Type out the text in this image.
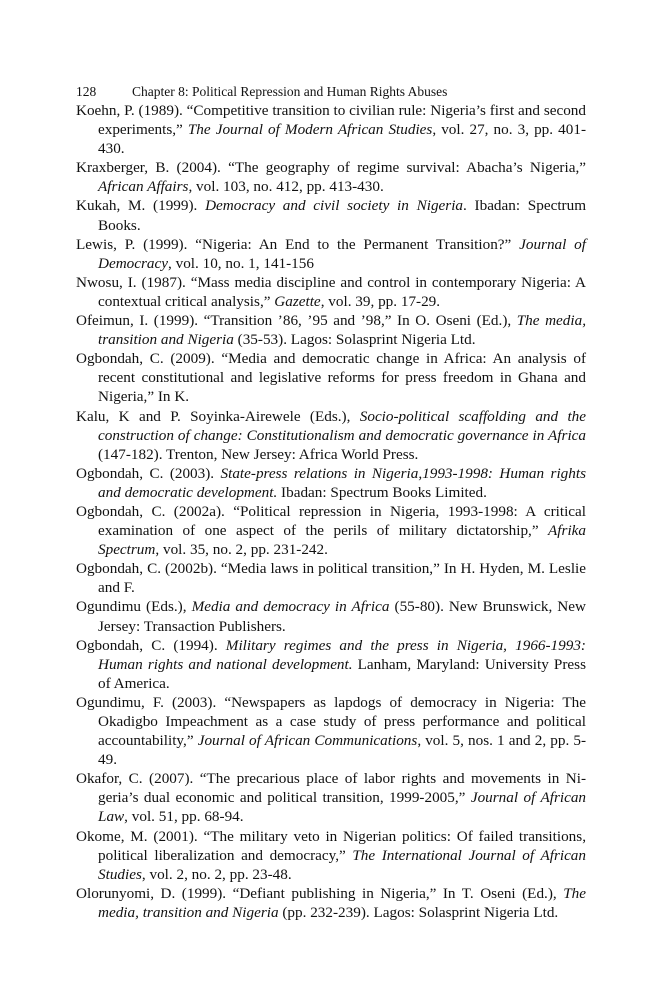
128	Chapter 8: Political Repression and Human Rights Abuses
Koehn, P. (1989). “Competitive transition to civilian rule: Nigeria’s first and second experiments,” The Journal of Modern African Studies, vol. 27, no. 3, pp. 401-430.
Kraxberger, B. (2004). “The geography of regime survival: Abacha’s Nigeria,” African Affairs, vol. 103, no. 412, pp. 413-430.
Kukah, M. (1999). Democracy and civil society in Nigeria. Ibadan: Spectrum Books.
Lewis, P. (1999). “Nigeria: An End to the Permanent Transition?” Journal of Democracy, vol. 10, no. 1, 141-156
Nwosu, I. (1987). “Mass media discipline and control in contemporary Nigeria: A contextual critical analysis,” Gazette, vol. 39, pp. 17-29.
Ofeimun, I. (1999). “Transition ’86, ’95 and ’98,” In O. Oseni (Ed.), The media, transition and Nigeria (35-53). Lagos: Solasprint Nigeria Ltd.
Ogbondah, C. (2009). “Media and democratic change in Africa: An analysis of recent constitutional and legislative reforms for press freedom in Ghana and Nigeria,” In K.
Kalu, K and P. Soyinka-Airewele (Eds.), Socio-political scaffolding and the construction of change: Constitutionalism and democratic governance in Africa (147-182). Trenton, New Jersey: Africa World Press.
Ogbondah, C. (2003). State-press relations in Nigeria,1993-1998: Human rights and democratic development. Ibadan: Spectrum Books Limited.
Ogbondah, C. (2002a). “Political repression in Nigeria, 1993-1998: A critical examination of one aspect of the perils of military dictatorship,” Afrika Spectrum, vol. 35, no. 2, pp. 231-242.
Ogbondah, C. (2002b). “Media laws in political transition,” In H. Hyden, M. Leslie and F.
Ogundimu (Eds.), Media and democracy in Africa (55-80). New Brunswick, New Jersey: Transaction Publishers.
Ogbondah, C. (1994). Military regimes and the press in Nigeria, 1966-1993: Human rights and national development. Lanham, Maryland: University Press of America.
Ogundimu, F. (2003). “Newspapers as lapdogs of democracy in Nigeria: The Okadigbo Impeachment as a case study of press performance and political accountability,” Journal of African Communications, vol. 5, nos. 1 and 2, pp. 5-49.
Okafor, C. (2007). “The precarious place of labor rights and movements in Nigeria’s dual economic and political transition, 1999-2005,” Journal of African Law, vol. 51, pp. 68-94.
Okome, M. (2001). “The military veto in Nigerian politics: Of failed transitions, political liberalization and democracy,” The International Journal of African Studies, vol. 2, no. 2, pp. 23-48.
Olorunyomi, D. (1999). “Defiant publishing in Nigeria,” In T. Oseni (Ed.), The media, transition and Nigeria (pp. 232-239). Lagos: Solasprint Nigeria Ltd.
